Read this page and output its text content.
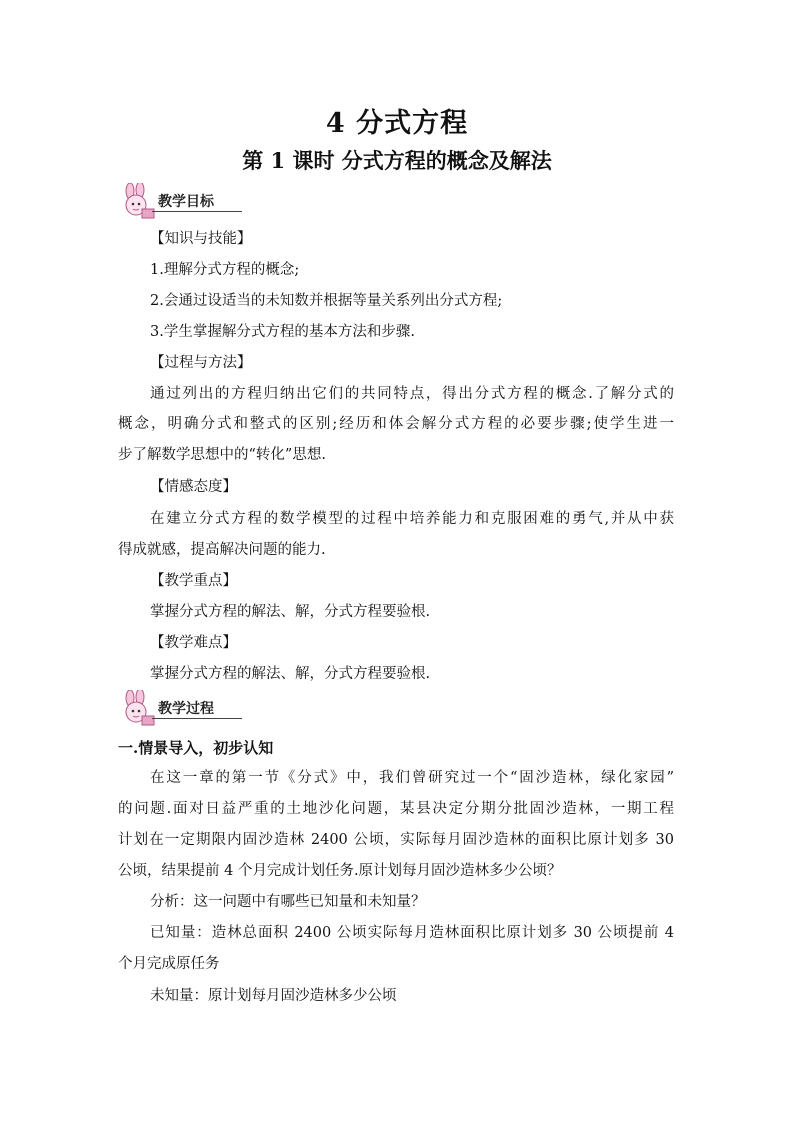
4 分式方程
第 1 课时 分式方程的概念及解法
教学目标
【知识与技能】
1.理解分式方程的概念;
2.会通过设适当的未知数并根据等量关系列出分式方程;
3.学生掌握解分式方程的基本方法和步骤.
【过程与方法】
通过列出的方程归纳出它们的共同特点，得出分式方程的概念.了解分式的
概念，明确分式和整式的区别;经历和体会解分式方程的必要步骤;使学生进一
步了解数学思想中的“转化”思想.
【情感态度】
在建立分式方程的数学模型的过程中培养能力和克服困难的勇气,并从中获
得成就感，提高解决问题的能力.
【教学重点】
掌握分式方程的解法、解，分式方程要验根.
【教学难点】
掌握分式方程的解法、解，分式方程要验根.
教学过程
一.情景导入，初步认知
在这一章的第一节《分式》中，我们曾研究过一个“固沙造林，绿化家园”
的问题.面对日益严重的土地沙化问题，某县决定分期分批固沙造林，一期工程
计划在一定期限内固沙造林 2400 公顷，实际每月固沙造林的面积比原计划多 30
公顷，结果提前 4 个月完成计划任务.原计划每月固沙造林多少公顷？
分析：这一问题中有哪些已知量和未知量？
已知量：造林总面积 2400 公顷实际每月造林面积比原计划多 30 公顷提前 4
个月完成原任务
未知量：原计划每月固沙造林多少公顷
